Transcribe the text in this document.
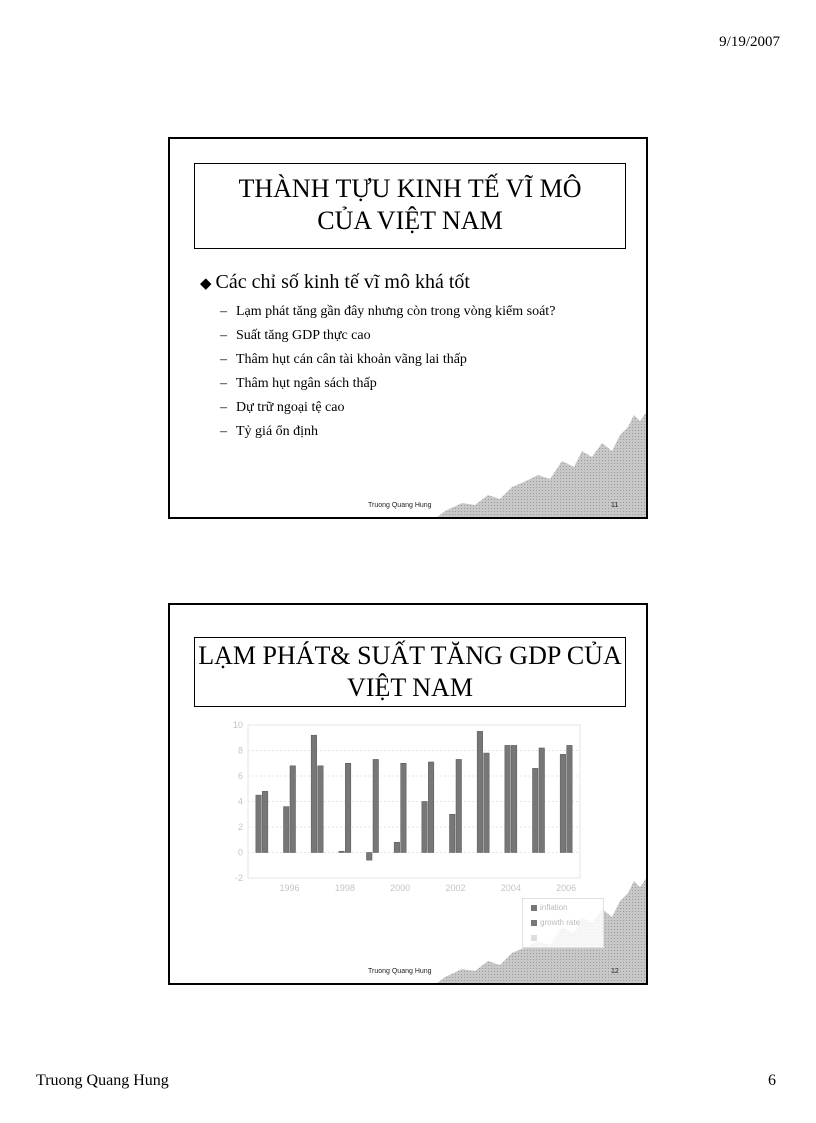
9/19/2007
THÀNH TỰU KINH TẾ VĨ MÔ
CỦA VIỆT NAM
◆ Các chỉ số kinh tế vĩ mô khá tốt
– Lạm phát tăng gần đây nhưng còn trong vòng kiểm soát?
– Suất tăng GDP thực cao
– Thâm hụt cán cân tài khoản vãng lai thấp
– Thâm hụt ngân sách thấp
– Dự trữ ngoại tệ cao
– Tỷ giá ổn định
Truong Quang Hung	11
LẠM PHÁT& SUẤT TĂNG GDP CỦA
VIỆT NAM
-2
0
2
4
6
8
10
1996	1998	2000	2002	2004	2006
inflation
growth rate
Truong Quang Hung	12
Truong Quang Hung	6
